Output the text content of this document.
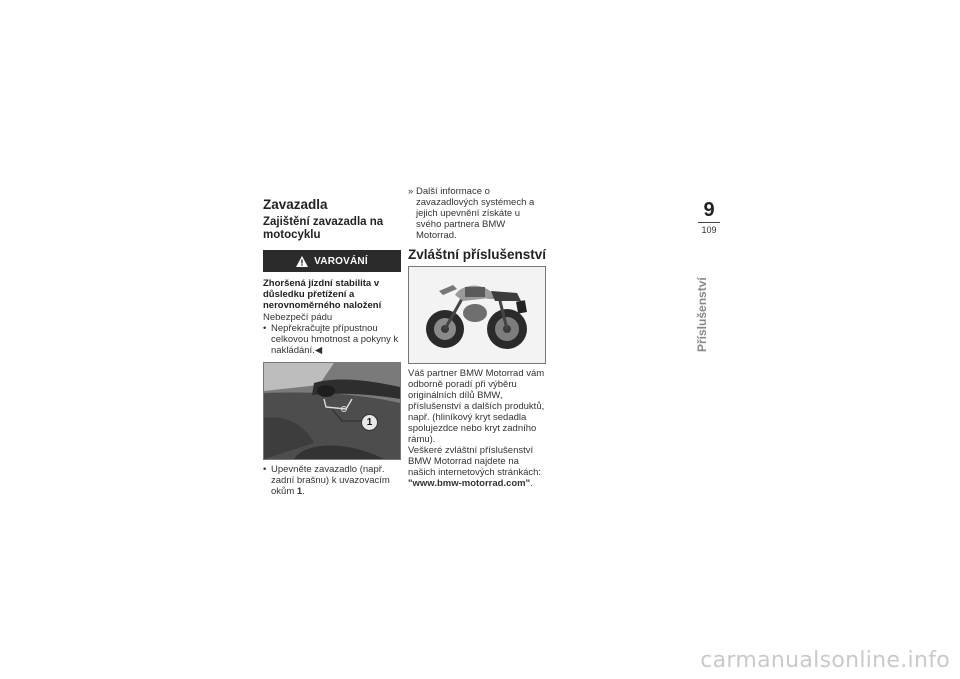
Zavazadla
Zajištění zavazadla na motocyklu
VAROVÁNÍ

Zhoršená jízdní stabilita v důsledku přetížení a nerovnoměrného naložení

Nebezpečí pádu

• Nepřekračujte přípustnou celkovou hmotnost a pokyny k nakládání.◀
1
• Upevněte zavazadlo (např. zadní brašnu) k uvazovacím okům 1.
» Další informace o zavazadlových systémech a jejich upevnění získáte u svého partnera BMW Motorrad.
Zvláštní příslušenství

Váš partner BMW Motorrad vám odborně poradí při výběru originálních dílů BMW, příslušenství a dalších produktů, např. (hliníkový kryt sedadla spolujezdce nebo kryt zadního rámu).

Veškeré zvláštní příslušenství BMW Motorrad najdete na našich internetových stránkách:

"www.bmw-motorrad.com".

9
109
Příslušenství
carmanualsonline.info
